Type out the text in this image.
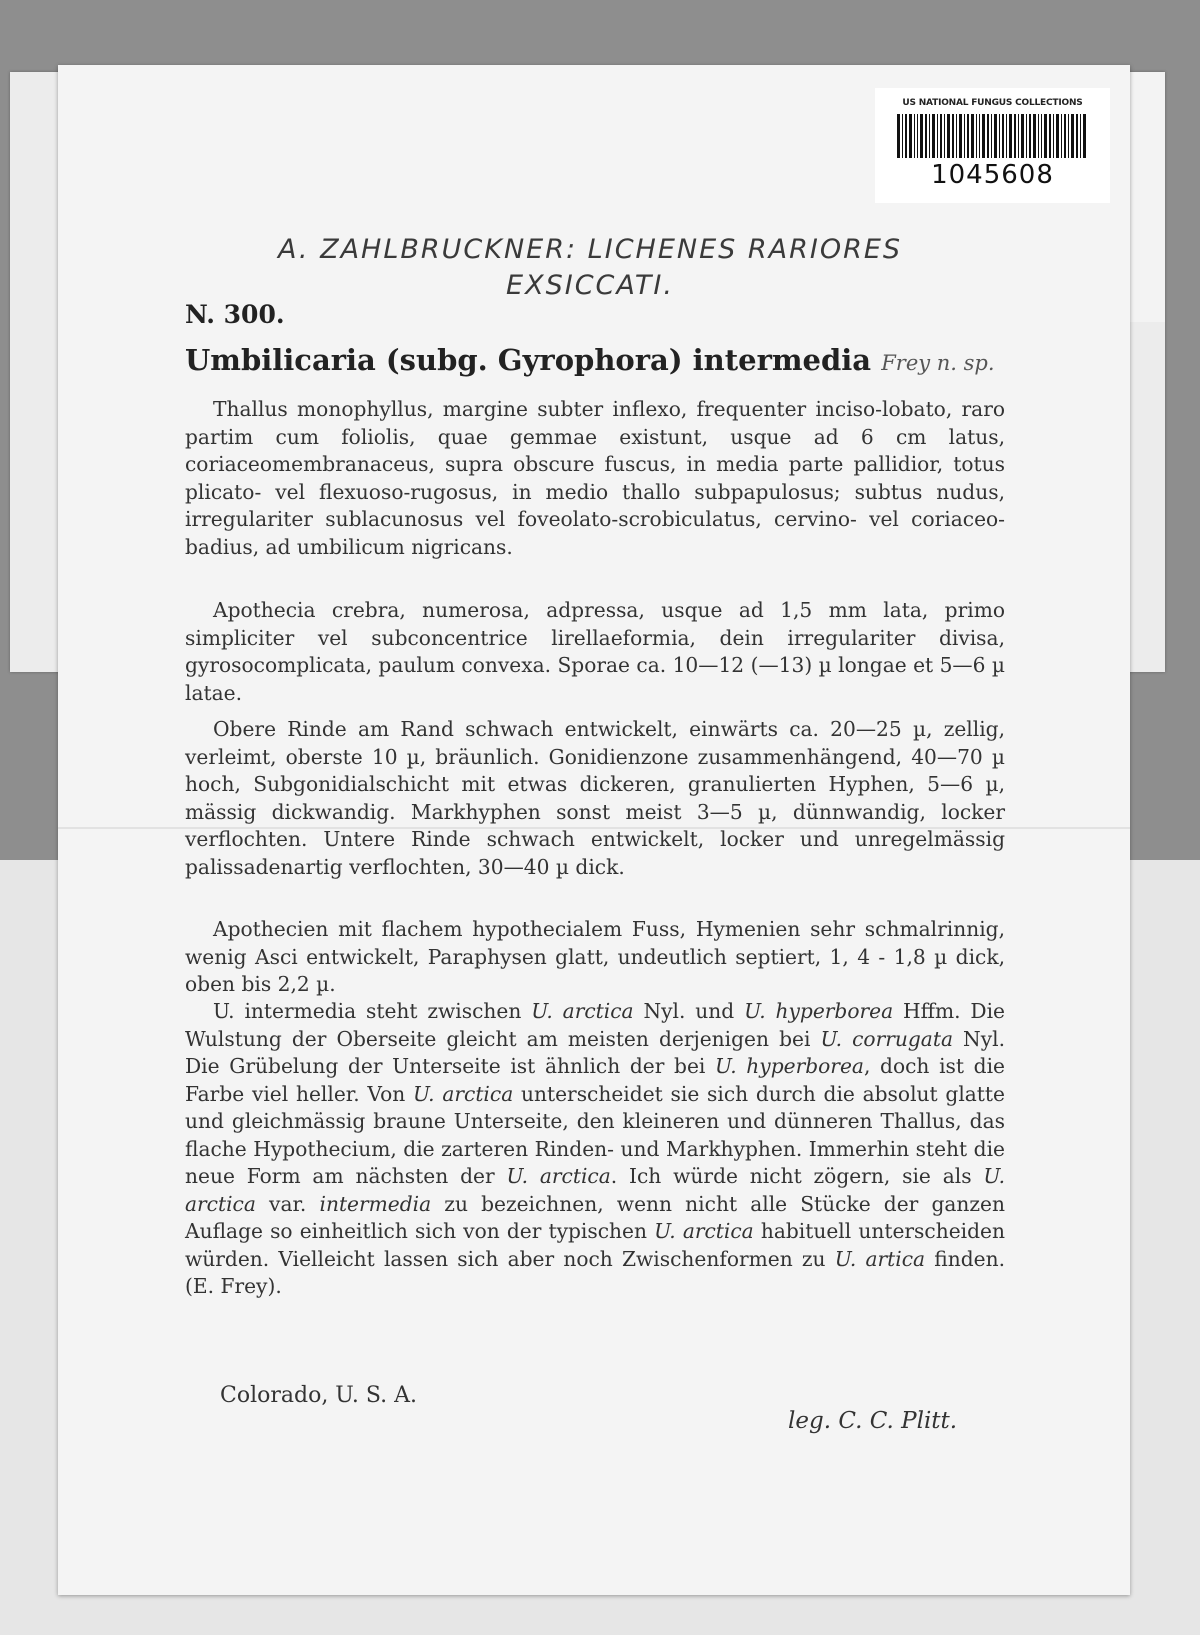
US NATIONAL FUNGUS COLLECTIONS
1045608
A. ZAHLBRUCKNER: LICHENES RARIORES EXSICCATI.
N. 300.
Umbilicaria (subg. Gyrophora) intermedia Frey n. sp.

Thallus monophyllus, margine subter inflexo, frequenter inciso-lobato, raro partim cum foliolis, quae gemmae existunt, usque ad 6 cm latus, coriaceomembranaceus, supra obscure fuscus, in media parte pallidior, totus plicato- vel flexuoso-rugosus, in medio thallo subpapulosus; subtus nudus, irregulariter sublacunosus vel foveolato-scrobiculatus, cervino- vel coriaceo-badius, ad umbilicum nigricans.

Apothecia crebra, numerosa, adpressa, usque ad 1,5 mm lata, primo simpliciter vel subconcentrice lirellaeformia, dein irregulariter divisa, gyrosocomplicata, paulum convexa. Sporae ca. 10—12 (—13) µ longae et 5—6 µ latae.

Obere Rinde am Rand schwach entwickelt, einwärts ca. 20—25 µ, zellig, verleimt, oberste 10 µ, bräunlich. Gonidienzone zusammenhängend, 40—70 µ hoch, Subgonidialschicht mit etwas dickeren, granulierten Hyphen, 5—6 µ, mässig dickwandig. Markhyphen sonst meist 3—5 µ, dünnwandig, locker verflochten. Untere Rinde schwach entwickelt, locker und unregelmässig palissadenartig verflochten, 30—40 µ dick.

Apothecien mit flachem hypothecialem Fuss, Hymenien sehr schmalrinnig, wenig Asci entwickelt, Paraphysen glatt, undeutlich septiert, 1, 4 - 1,8 µ dick, oben bis 2,2 µ.

U. intermedia steht zwischen U. arctica Nyl. und U. hyperborea Hffm. Die Wulstung der Oberseite gleicht am meisten derjenigen bei U. corrugata Nyl. Die Grübelung der Unterseite ist ähnlich der bei U. hyperborea, doch ist die Farbe viel heller. Von U. arctica unterscheidet sie sich durch die absolut glatte und gleichmässig braune Unterseite, den kleineren und dünneren Thallus, das flache Hypothecium, die zarteren Rinden- und Markhyphen. Immerhin steht die neue Form am nächsten der U. arctica. Ich würde nicht zögern, sie als U. arctica var. intermedia zu bezeichnen, wenn nicht alle Stücke der ganzen Auflage so einheitlich sich von der typischen U. arctica habituell unterscheiden würden. Vielleicht lassen sich aber noch Zwischenformen zu U. artica finden. (E. Frey).

Colorado, U. S. A.
leg. C. C. Plitt.
